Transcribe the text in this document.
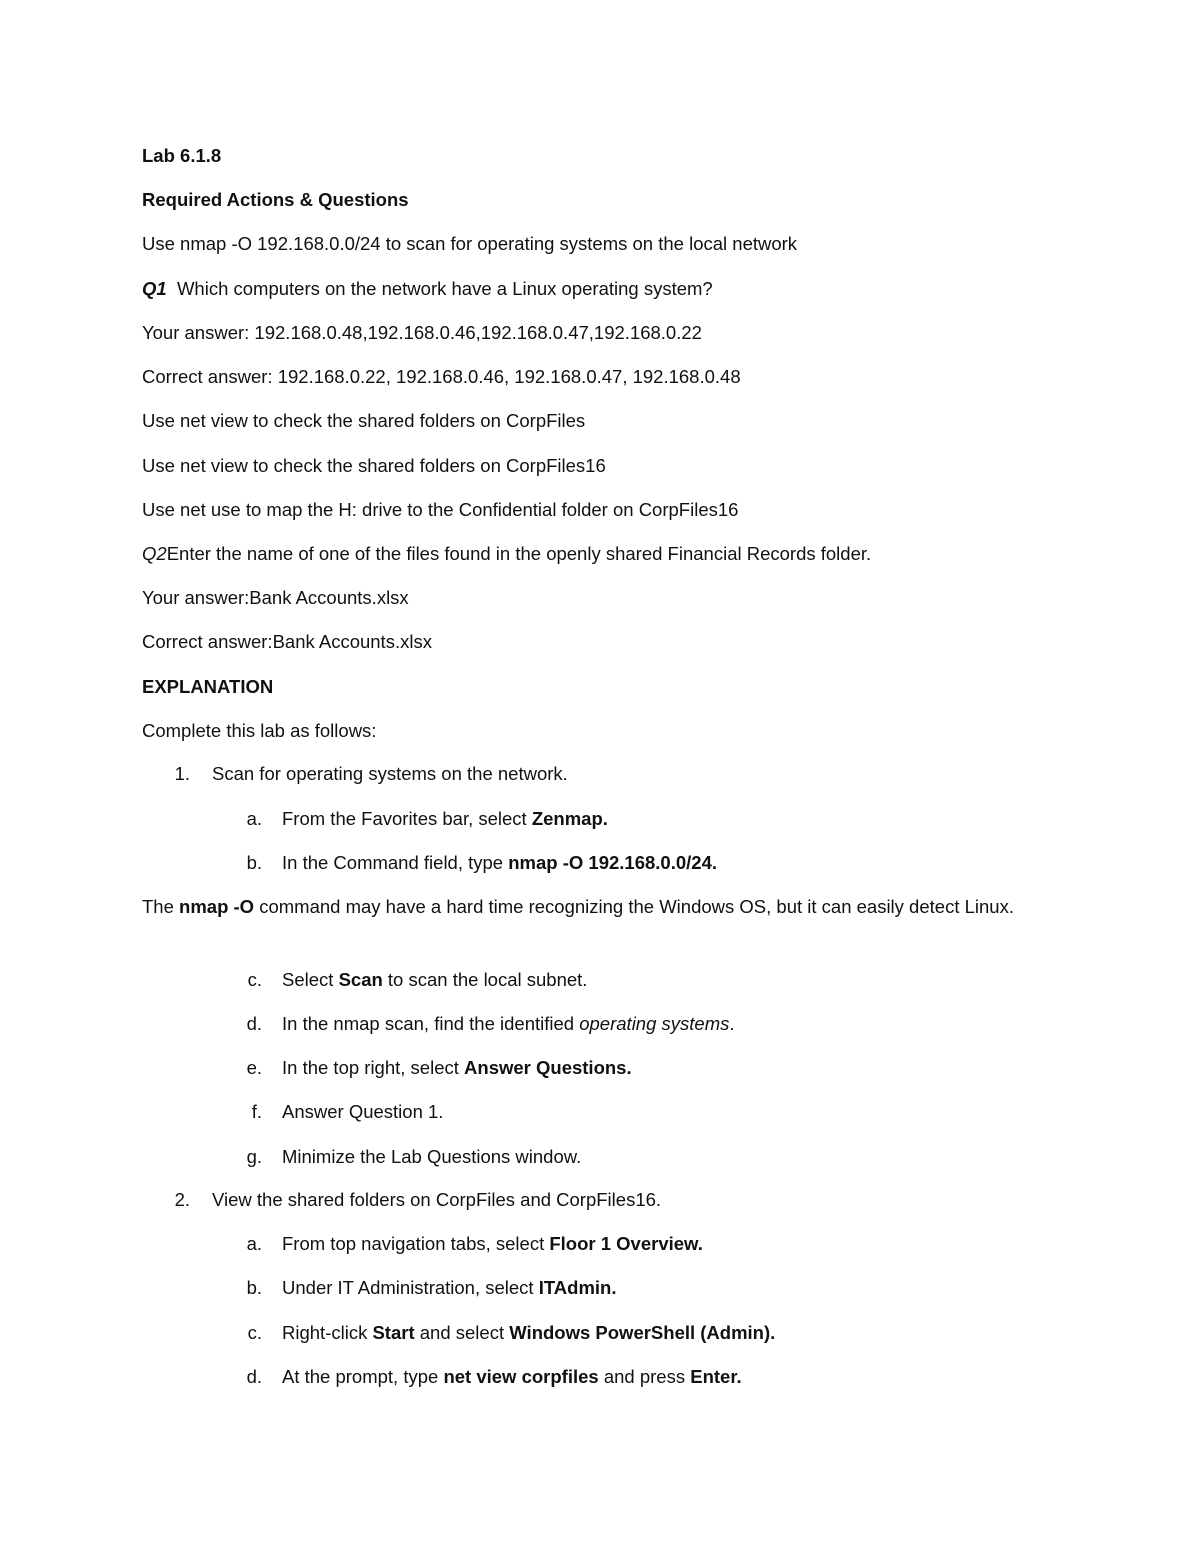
Lab 6.1.8
Required Actions & Questions
Use nmap -O 192.168.0.0/24 to scan for operating systems on the local network
Q1 Which computers on the network have a Linux operating system?
Your answer: 192.168.0.48,192.168.0.46,192.168.0.47,192.168.0.22
Correct answer: 192.168.0.22, 192.168.0.46, 192.168.0.47, 192.168.0.48
Use net view to check the shared folders on CorpFiles
Use net view to check the shared folders on CorpFiles16
Use net use to map the H: drive to the Confidential folder on CorpFiles16
Q2Enter the name of one of the files found in the openly shared Financial Records folder.
Your answer:Bank Accounts.xlsx
Correct answer:Bank Accounts.xlsx
EXPLANATION
Complete this lab as follows:
1. Scan for operating systems on the network.
a. From the Favorites bar, select Zenmap.
b. In the Command field, type nmap -O 192.168.0.0/24.
The nmap -O command may have a hard time recognizing the Windows OS, but it can easily detect Linux.
c. Select Scan to scan the local subnet.
d. In the nmap scan, find the identified operating systems.
e. In the top right, select Answer Questions.
f. Answer Question 1.
g. Minimize the Lab Questions window.
2. View the shared folders on CorpFiles and CorpFiles16.
a. From top navigation tabs, select Floor 1 Overview.
b. Under IT Administration, select ITAdmin.
c. Right-click Start and select Windows PowerShell (Admin).
d. At the prompt, type net view corpfiles and press Enter.
